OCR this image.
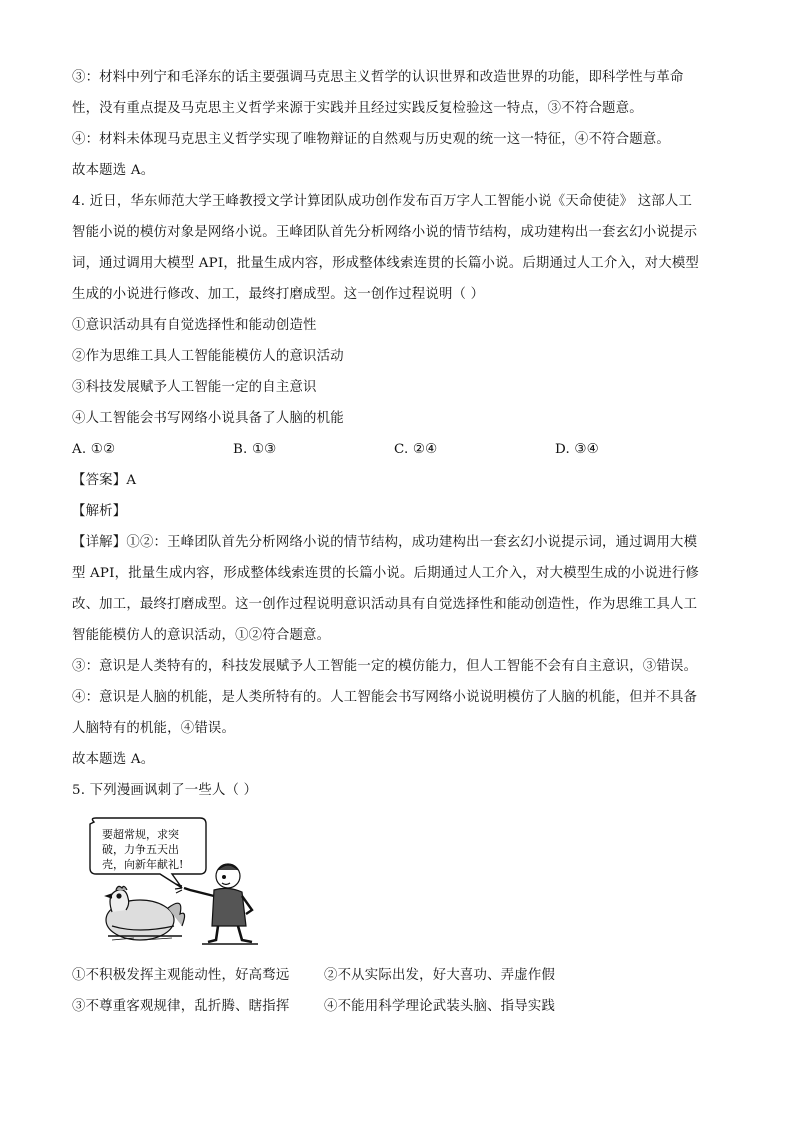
③：材料中列宁和毛泽东的话主要强调马克思主义哲学的认识世界和改造世界的功能，即科学性与革命
性，没有重点提及马克思主义哲学来源于实践并且经过实践反复检验这一特点，③不符合题意。
④：材料未体现马克思主义哲学实现了唯物辩证的自然观与历史观的统一这一特征，④不符合题意。
故本题选 A。
4. 近日，华东师范大学王峰教授文学计算团队成功创作发布百万字人工智能小说《天命使徒》 这部人工
智能小说的模仿对象是网络小说。王峰团队首先分析网络小说的情节结构，成功建构出一套玄幻小说提示
词，通过调用大模型 API，批量生成内容，形成整体线索连贯的长篇小说。后期通过人工介入，对大模型
生成的小说进行修改、加工，最终打磨成型。这一创作过程说明（ ）
①意识活动具有自觉选择性和能动创造性
②作为思维工具人工智能能模仿人的意识活动
③科技发展赋予人工智能一定的自主意识
④人工智能会书写网络小说具备了人脑的机能
A. ①②	B. ①③	C. ②④	D. ③④
【答案】A
【解析】
【详解】①②：王峰团队首先分析网络小说的情节结构，成功建构出一套玄幻小说提示词，通过调用大模
型 API，批量生成内容，形成整体线索连贯的长篇小说。后期通过人工介入，对大模型生成的小说进行修
改、加工，最终打磨成型。这一创作过程说明意识活动具有自觉选择性和能动创造性，作为思维工具人工
智能能模仿人的意识活动，①②符合题意。
③：意识是人类特有的，科技发展赋予人工智能一定的模仿能力，但人工智能不会有自主意识，③错误。
④：意识是人脑的机能，是人类所特有的。人工智能会书写网络小说说明模仿了人脑的机能，但并不具备
人脑特有的机能，④错误。
故本题选 A。
5. 下列漫画讽刺了一些人（ ）
要超常规，求突
破，力争五天出
壳，向新年献礼!
①不积极发挥主观能动性，好高骛远	②不从实际出发，好大喜功、弄虚作假
③不尊重客观规律，乱折腾、瞎指挥	④不能用科学理论武装头脑、指导实践
